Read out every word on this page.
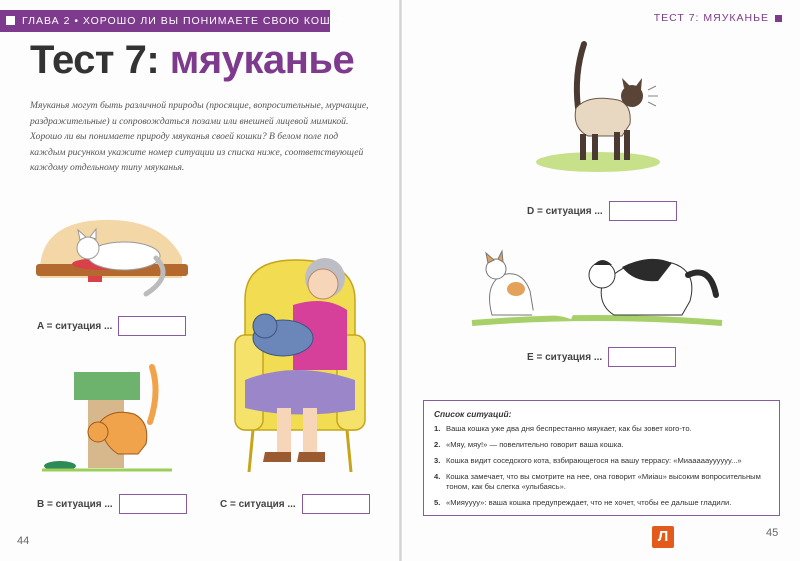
ГЛАВА 2 • ХОРОШО ЛИ ВЫ ПОНИМАЕТЕ СВОЮ КОШКУ?	ТЕСТ 7: МЯУКАНЬЕ
Тест 7: мяуканье
Мяуканья могут быть различной природы (просящие, вопросительные, мурчащие, раздражительные) и сопровождаться позами или внешней лицевой мимикой. Хорошо ли вы понимаете природу мяуканья своей кошки? В белом поле под каждым рисунком укажите номер ситуации из списка ниже, соответствующей каждому отдельному типу мяуканья.
A = ситуация ...
B = ситуация ...	C = ситуация ...
D = ситуация ...
E = ситуация ...
Список ситуаций:
1. Ваша кошка уже два дня беспрестанно мяукает, как бы зовет кого-то.
2. «Мяу, мяу!» — повелительно говорит ваша кошка.
3. Кошка видит соседского кота, взбирающегося на вашу террасу: «Миааааауууууу...»
4. Кошка замечает, что вы смотрите на нее, она говорит «Миiau» высоким вопросительным тоном, как бы слегка «улыбаясь».
5. «Мияуууу»: ваша кошка предупреждает, что не хочет, чтобы ее дальше гладили.
44
45
Л
